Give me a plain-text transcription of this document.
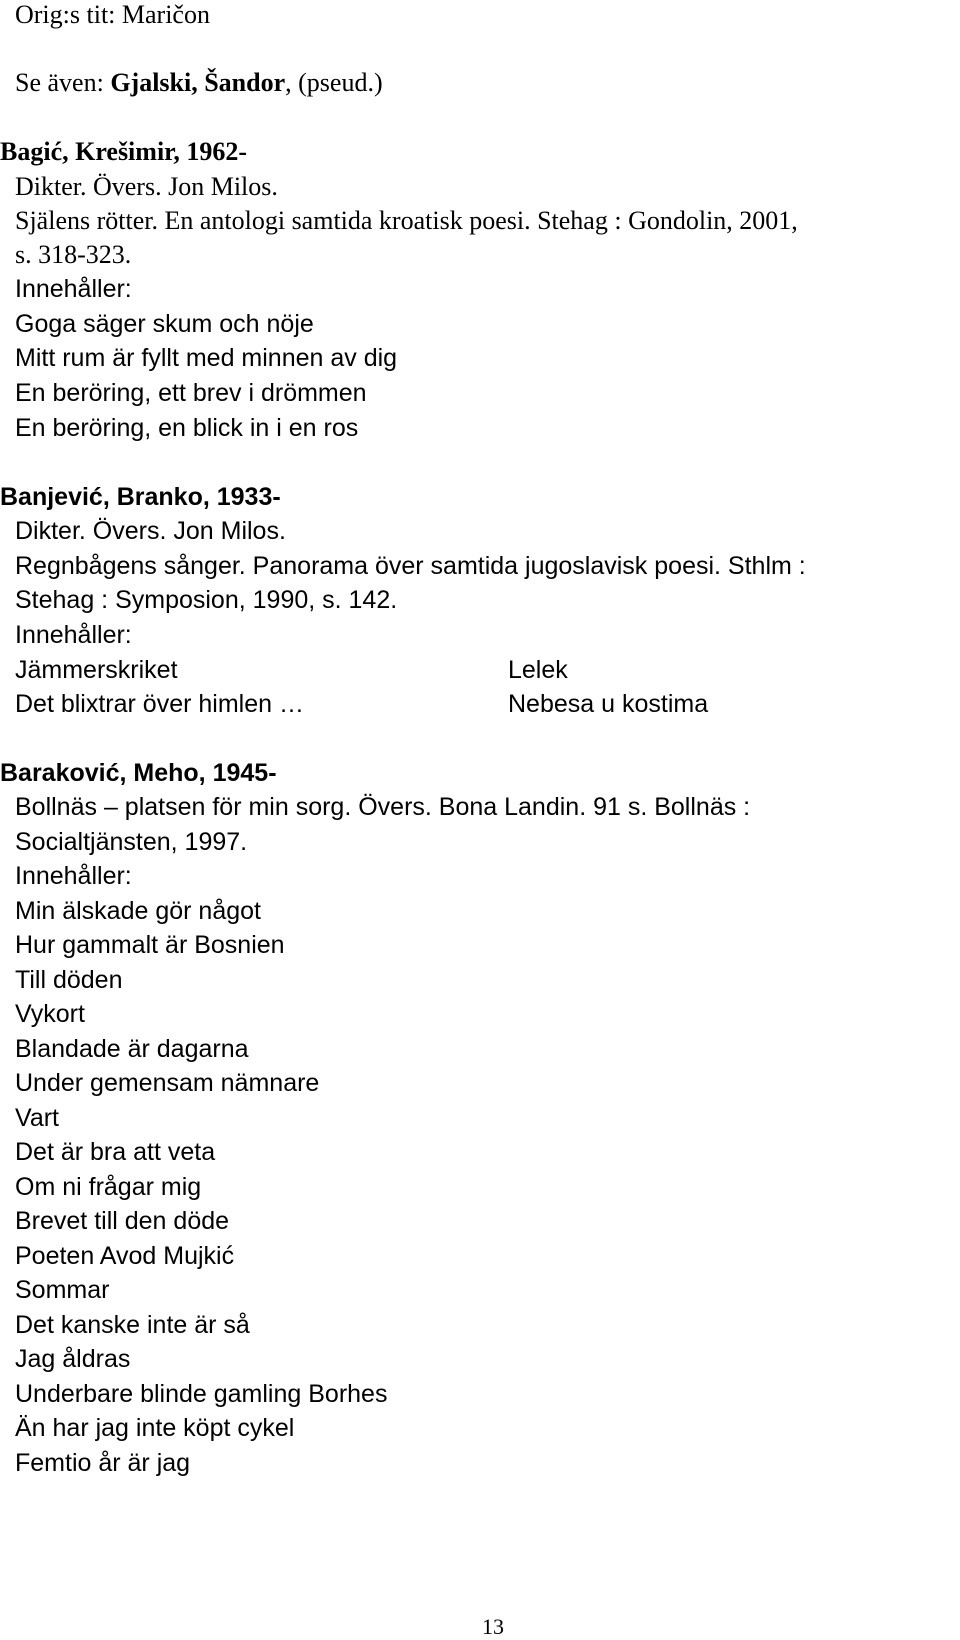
Orig:s tit: Maričon
Se även: Gjalski, Šandor, (pseud.)
Bagić, Krešimir, 1962-
Dikter. Övers. Jon Milos.
Själens rötter. En antologi samtida kroatisk poesi. Stehag : Gondolin, 2001,
s. 318-323.
Innehåller:
Goga säger skum och nöje
Mitt rum är fyllt med minnen av dig
En beröring, ett brev i drömmen
En beröring, en blick in i en ros
Banjević, Branko, 1933-
Dikter. Övers. Jon Milos.
Regnbågens sånger. Panorama över samtida jugoslavisk poesi. Sthlm :
Stehag : Symposion, 1990, s. 142.
Innehåller:
Jämmerskriket	Lelek
Det blixtrar över himlen …	Nebesa u kostima
Baraković, Meho, 1945-
Bollnäs – platsen för min sorg. Övers. Bona Landin. 91 s. Bollnäs :
Socialtjänsten, 1997.
Innehåller:
Min älskade gör något
Hur gammalt är Bosnien
Till döden
Vykort
Blandade är dagarna
Under gemensam nämnare
Vart
Det är bra att veta
Om ni frågar mig
Brevet till den döde
Poeten Avod Mujkić
Sommar
Det kanske inte är så
Jag åldras
Underbare blinde gamling Borhes
Än har jag inte köpt cykel
Femtio år är jag
13
